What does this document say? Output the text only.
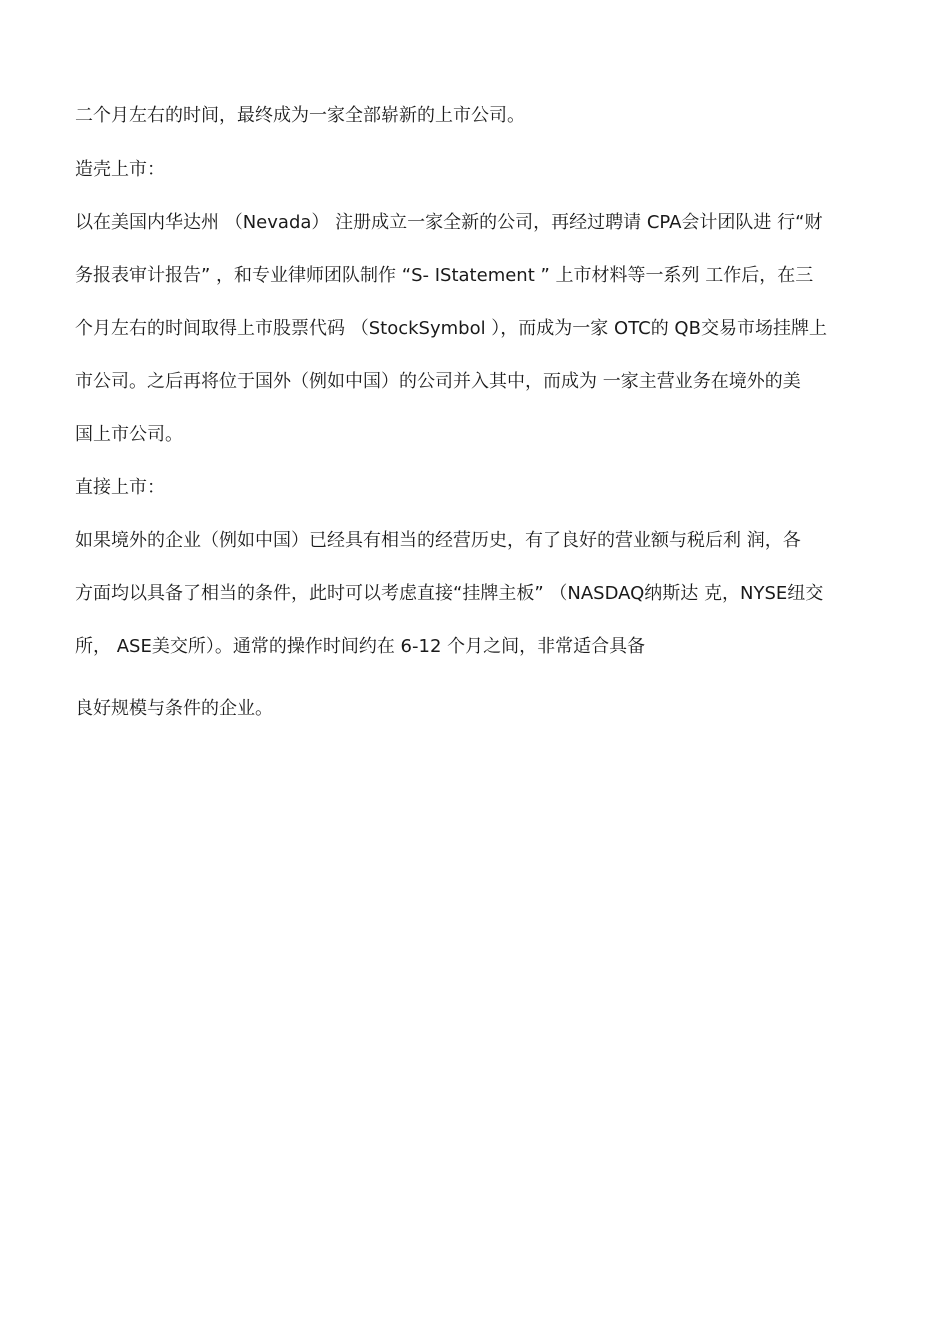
二个月左右的时间，最终成为一家全部崭新的上市公司。
造壳上市：
以在美国内华达州 （Nevada） 注册成立一家全新的公司，再经过聘请 CPA会计团队进 行“财
务报表审计报告” ，和专业律师团队制作 “S- IStatement ” 上市材料等一系列 工作后，在三
个月左右的时间取得上市股票代码 （StockSymbol ），而成为一家 OTC的 QB交易市场挂牌上
市公司。之后再将位于国外（例如中国）的公司并入其中，而成为 一家主营业务在境外的美
国上市公司。
直接上市：
如果境外的企业（例如中国）已经具有相当的经营历史，有了良好的营业额与税后利 润，各
方面均以具备了相当的条件，此时可以考虑直接“挂牌主板” （NASDAQ纳斯达 克，NYSE纽交
所， ASE美交所）。通常的操作时间约在 6-12 个月之间，非常适合具备
良好规模与条件的企业。
